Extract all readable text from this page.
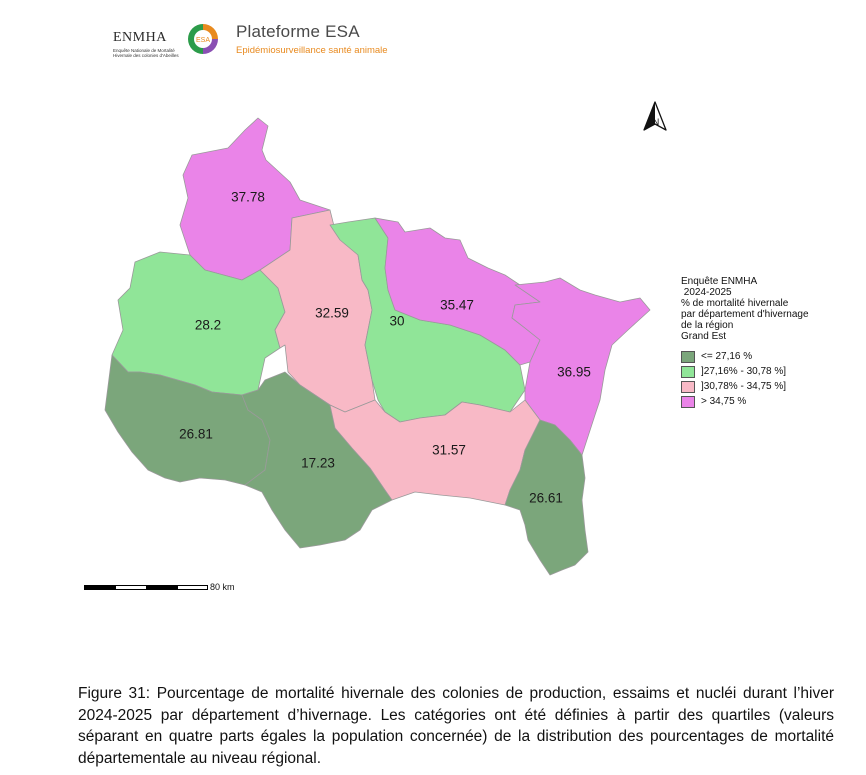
ENMHA
Enquête Nationale de Mortalité Hivernale des colonies d'Abeilles
ESA Plateforme ESA
Epidémiosurveillance santé animale
37.78
28.2
32.59
30
35.47
36.95
26.81
17.23
31.57
26.61
N
Enquête ENMHA
2024-2025
% de mortalité hivernale
par département d'hivernage
de la région
Grand Est
<= 27,16 %
]27,16% - 30,78 %]
]30,78% - 34,75 %]
> 34,75 %
80 km
Figure 31: Pourcentage de mortalité hivernale des colonies de production, essaims et nucléi durant l’hiver 2024-2025 par département d’hivernage. Les catégories ont été définies à partir des quartiles (valeurs séparant en quatre parts égales la population concernée) de la distribution des pourcentages de mortalité départementale au niveau régional.
